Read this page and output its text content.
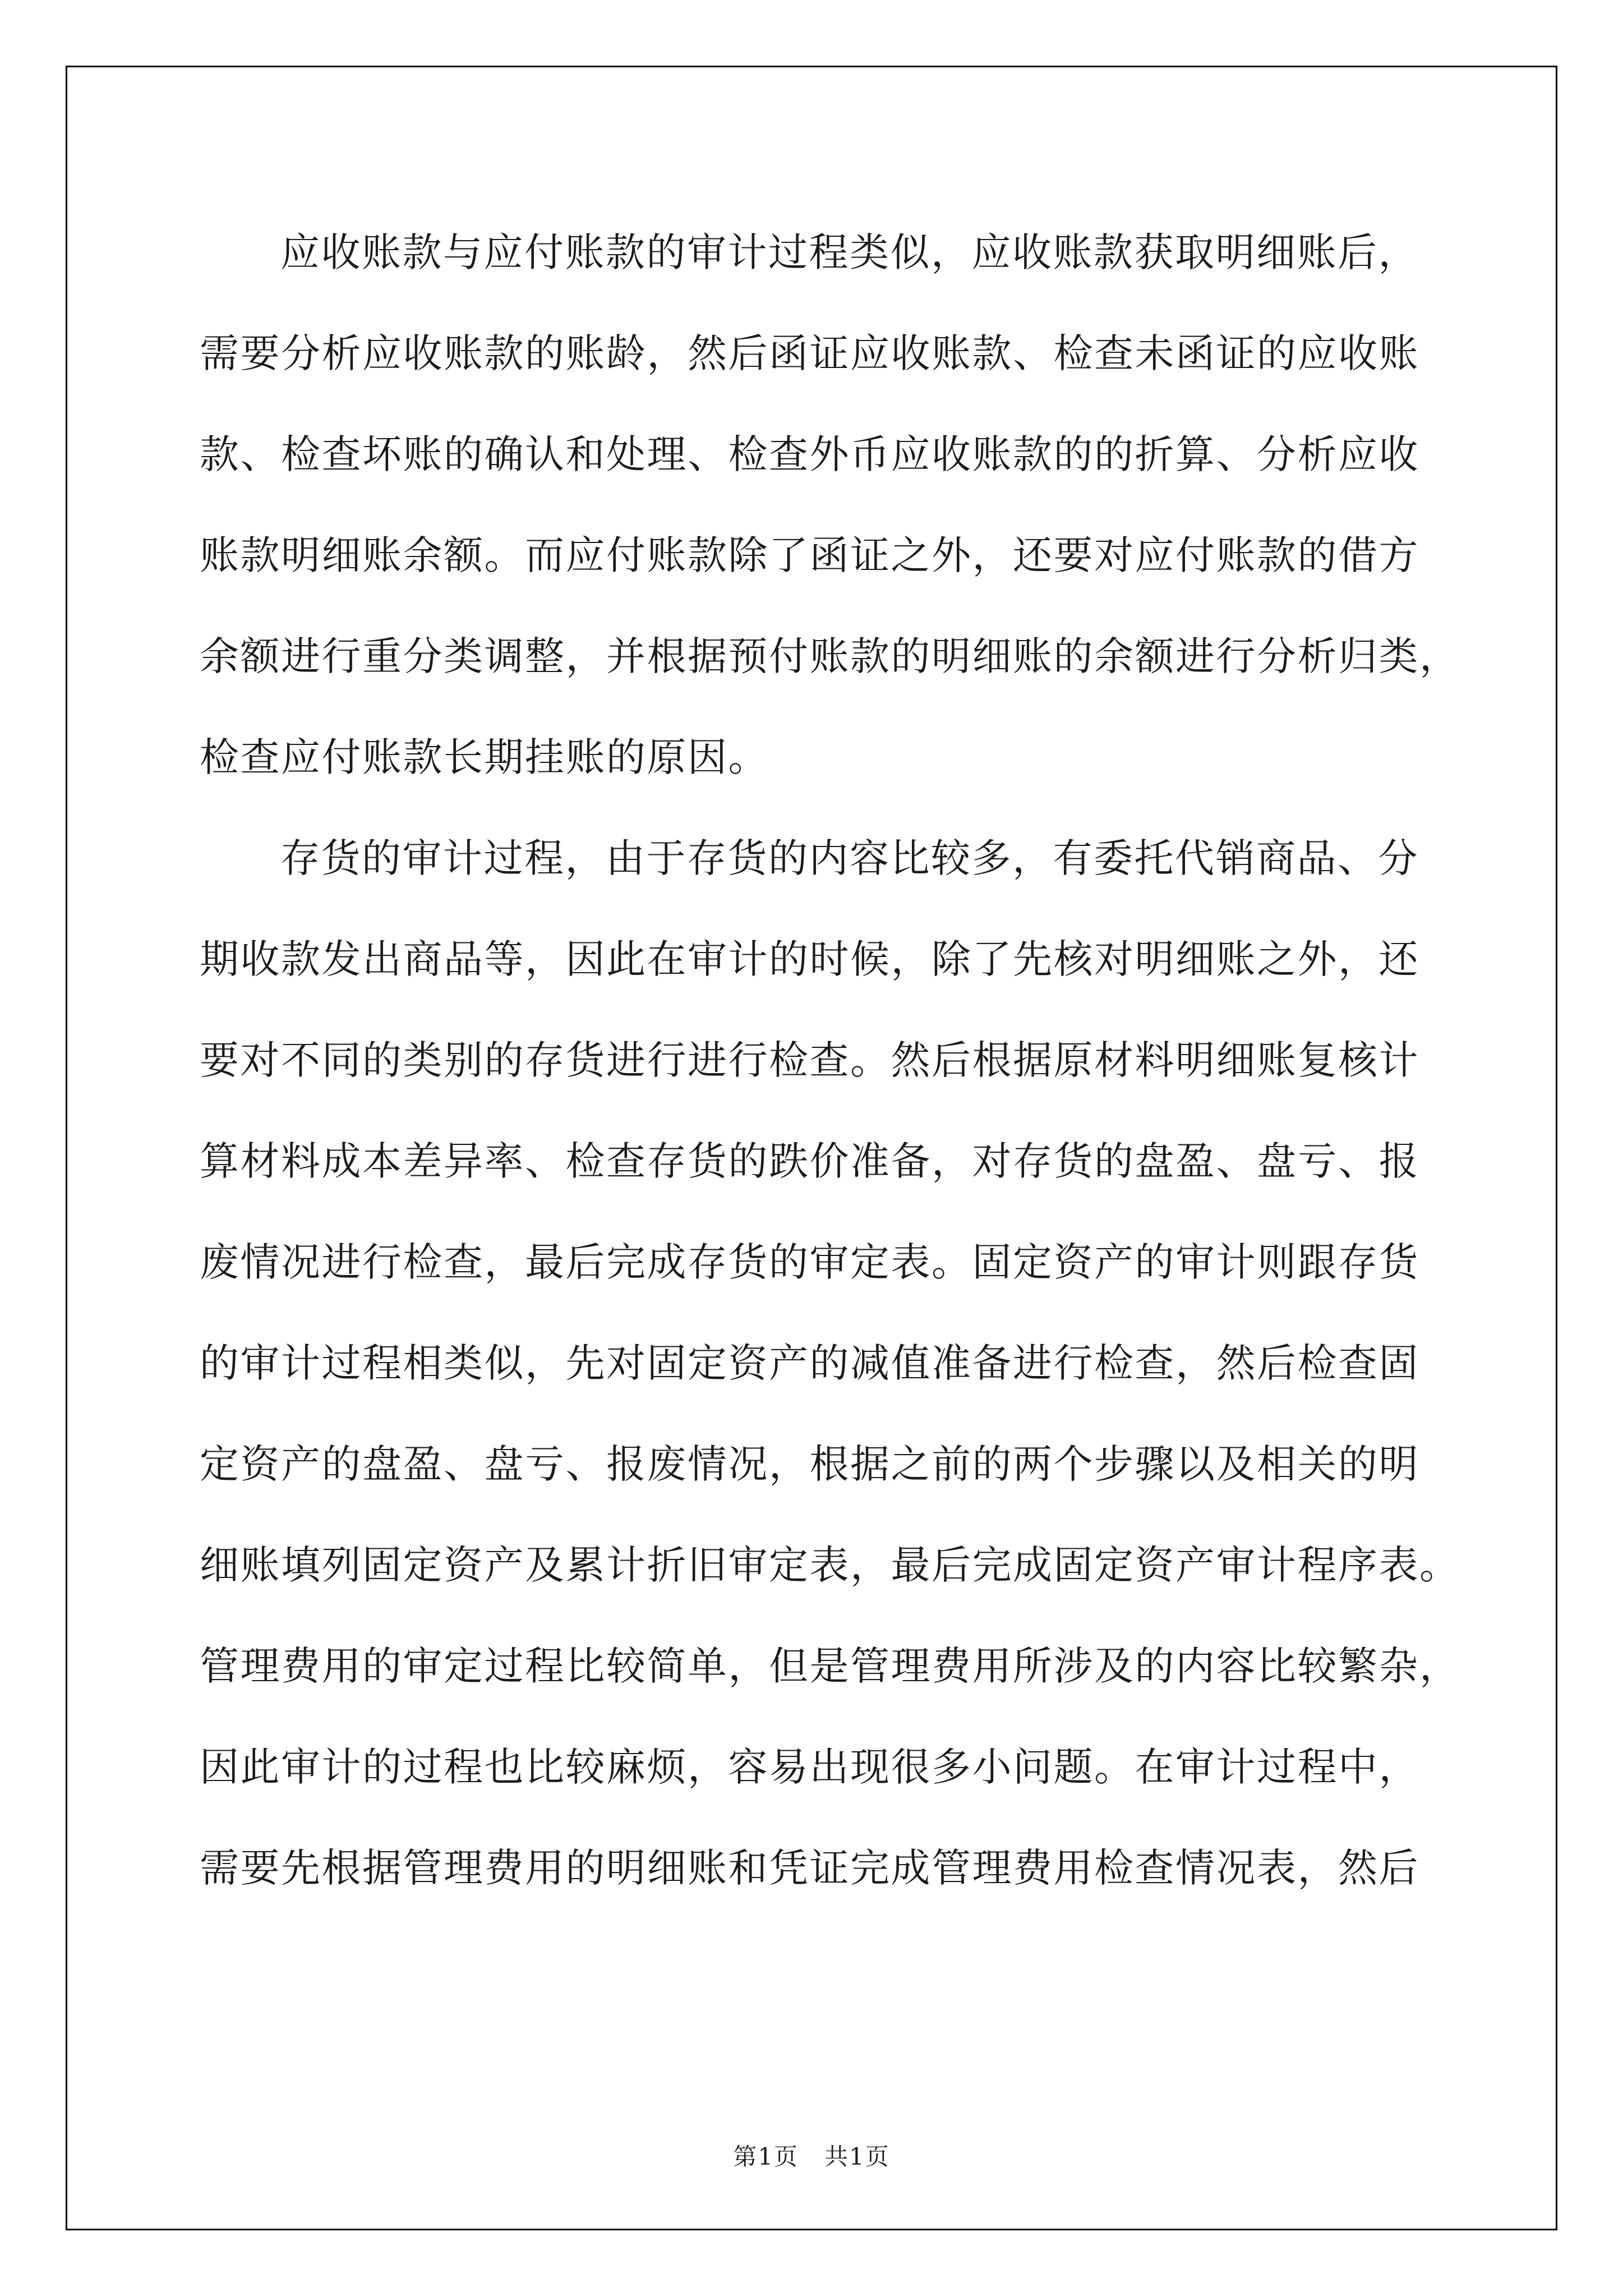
应收账款与应付账款的审计过程类似，应收账款获取明细账后，
需要分析应收账款的账龄，然后函证应收账款、检查未函证的应收账
款、检查坏账的确认和处理、检查外币应收账款的的折算、分析应收
账款明细账余额。而应付账款除了函证之外，还要对应付账款的借方
余额进行重分类调整，并根据预付账款的明细账的余额进行分析归类，
检查应付账款长期挂账的原因。
存货的审计过程，由于存货的内容比较多，有委托代销商品、分
期收款发出商品等，因此在审计的时候，除了先核对明细账之外，还
要对不同的类别的存货进行进行检查。然后根据原材料明细账复核计
算材料成本差异率、检查存货的跌价准备，对存货的盘盈、盘亏、报
废情况进行检查，最后完成存货的审定表。固定资产的审计则跟存货
的审计过程相类似，先对固定资产的减值准备进行检查，然后检查固
定资产的盘盈、盘亏、报废情况，根据之前的两个步骤以及相关的明
细账填列固定资产及累计折旧审定表，最后完成固定资产审计程序表。
管理费用的审定过程比较简单，但是管理费用所涉及的内容比较繁杂，
因此审计的过程也比较麻烦，容易出现很多小问题。在审计过程中，
需要先根据管理费用的明细账和凭证完成管理费用检查情况表，然后
第1页   共1页
